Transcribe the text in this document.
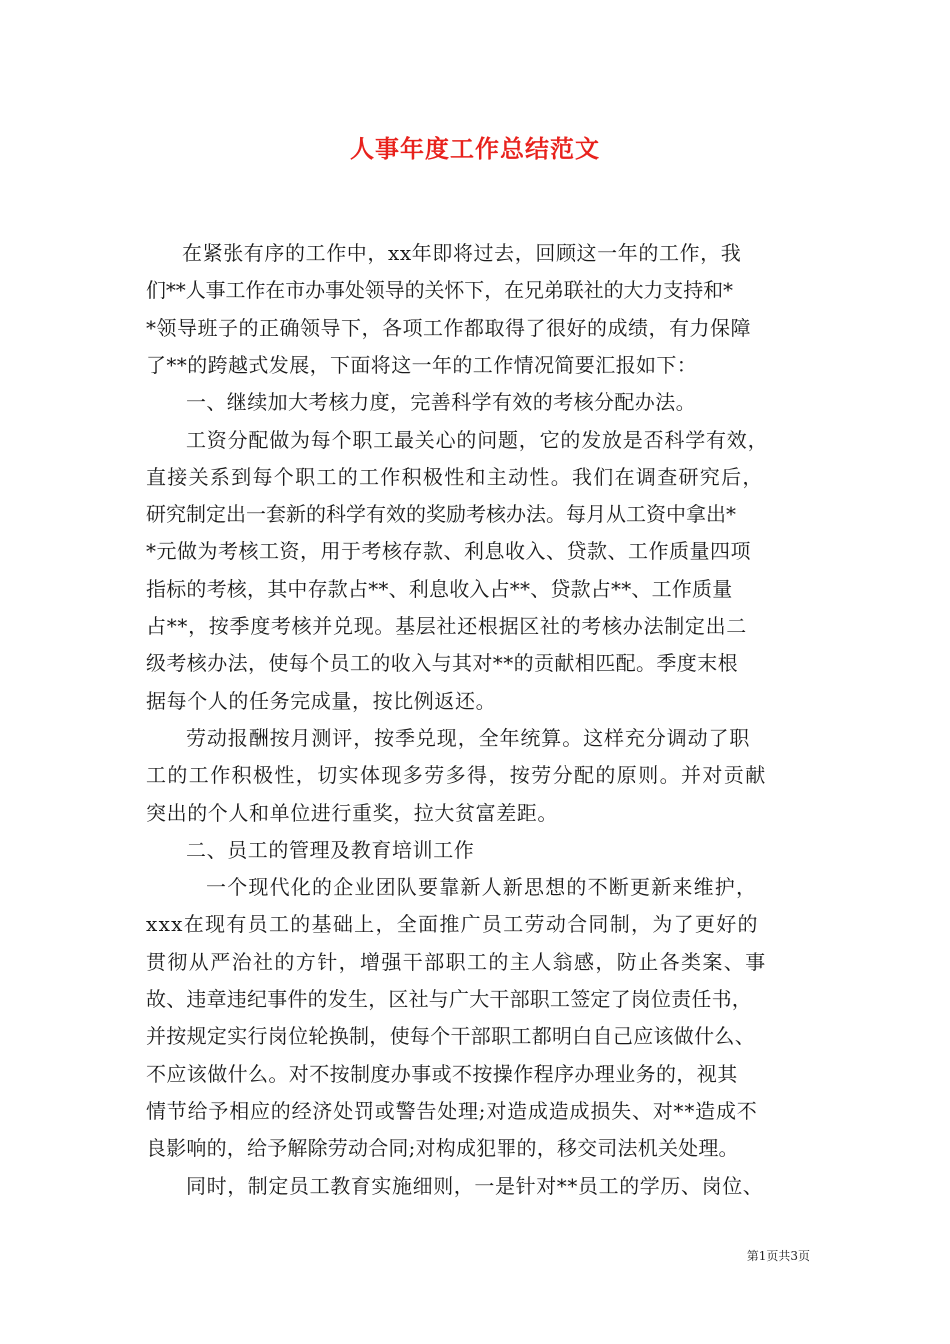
人事年度工作总结范文
在紧张有序的工作中，xx年即将过去，回顾这一年的工作，我
们**人事工作在市办事处领导的关怀下，在兄弟联社的大力支持和*
*领导班子的正确领导下，各项工作都取得了很好的成绩，有力保障
了**的跨越式发展，下面将这一年的工作情况简要汇报如下：
一、继续加大考核力度，完善科学有效的考核分配办法。
工资分配做为每个职工最关心的问题，它的发放是否科学有效，
直接关系到每个职工的工作积极性和主动性。我们在调查研究后，
研究制定出一套新的科学有效的奖励考核办法。每月从工资中拿出*
*元做为考核工资，用于考核存款、利息收入、贷款、工作质量四项
指标的考核，其中存款占**、利息收入占**、贷款占**、工作质量
占**，按季度考核并兑现。基层社还根据区社的考核办法制定出二
级考核办法，使每个员工的收入与其对**的贡献相匹配。季度末根
据每个人的任务完成量，按比例返还。
劳动报酬按月测评，按季兑现，全年统算。这样充分调动了职
工的工作积极性，切实体现多劳多得，按劳分配的原则。并对贡献
突出的个人和单位进行重奖，拉大贫富差距。
二、员工的管理及教育培训工作
一个现代化的企业团队要靠新人新思想的不断更新来维护，
xxx在现有员工的基础上，全面推广员工劳动合同制，为了更好的
贯彻从严治社的方针，增强干部职工的主人翁感，防止各类案、事
故、违章违纪事件的发生，区社与广大干部职工签定了岗位责任书，
并按规定实行岗位轮换制，使每个干部职工都明白自己应该做什么、
不应该做什么。对不按制度办事或不按操作程序办理业务的，视其
情节给予相应的经济处罚或警告处理;对造成造成损失、对**造成不
良影响的，给予解除劳动合同;对构成犯罪的，移交司法机关处理。
同时，制定员工教育实施细则，一是针对**员工的学历、岗位、
第1页共3页
